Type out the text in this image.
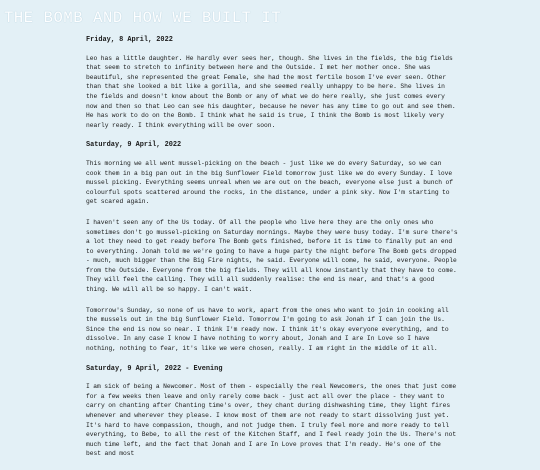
THE BOMB AND HOW WE BUILT IT

Friday, 8 April, 2022

Leo has a little daughter. He hardly ever sees her, though. She lives in the fields, the big fields that seem to stretch to infinity between here and the Outside. I met her mother once. She was beautiful, she represented the great Female, she had the most fertile bosom I've ever seen. Other than that she looked a bit like a gorilla, and she seemed really unhappy to be here. She lives in the fields and doesn't know about the Bomb or any of what we do here really, she just comes every now and then so that Leo can see his daughter, because he never has any time to go out and see them. He has work to do on the Bomb. I think what he said is true, I think the Bomb is most likely very nearly ready. I think everything will be over soon.

Saturday, 9 April, 2022

This morning we all went mussel-picking on the beach - just like we do every Saturday, so we can cook them in a big pan out in the big Sunflower Field tomorrow just like we do every Sunday. I love mussel picking. Everything seems unreal when we are out on the beach, everyone else just a bunch of colourful spots scattered around the rocks, in the distance, under a pink sky. Now I'm starting to get scared again.

I haven't seen any of the Us today. Of all the people who live here they are the only ones who sometimes don't go mussel-picking on Saturday mornings. Maybe they were busy today. I'm sure there's a lot they need to get ready before The Bomb gets finished, before it is time to finally put an end to everything. Jonah told me we're going to have a huge party the night before The Bomb gets dropped - much, much bigger than the Big Fire nights, he said. Everyone will come, he said, everyone. People from the Outside. Everyone from the big fields. They will all know instantly that they have to come. They will feel the calling. They will all suddenly realise: the end is near, and that's a good thing. We will all be so happy. I can't wait.

Tomorrow's Sunday, so none of us have to work, apart from the ones who want to join in cooking all the mussels out in the big Sunflower Field. Tomorrow I'm going to ask Jonah if I can join the Us. Since the end is now so near. I think I'm ready now. I think it's okay everyone everything, and to dissolve. In any case I know I have nothing to worry about, Jonah and I are In Love so I have nothing, nothing to fear, it's like we were chosen, really. I am right in the middle of it all.

Saturday, 9 April, 2022 - Evening

I am sick of being a Newcomer. Most of them - especially the real Newcomers, the ones that just come for a few weeks then leave and only rarely come back - just act all over the place - they want to carry on chanting after Chanting time's over, they chant during dishwashing time, they light fires whenever and wherever they please. I know most of them are not ready to start dissolving just yet. It's hard to have compassion, though, and not judge them. I truly feel more and more ready to tell everything, to Bebe, to all the rest of the Kitchen Staff, and I feel ready join the Us. There's not much time left, and the fact that Jonah and I are In Love proves that I'm ready. He's one of the best and most
